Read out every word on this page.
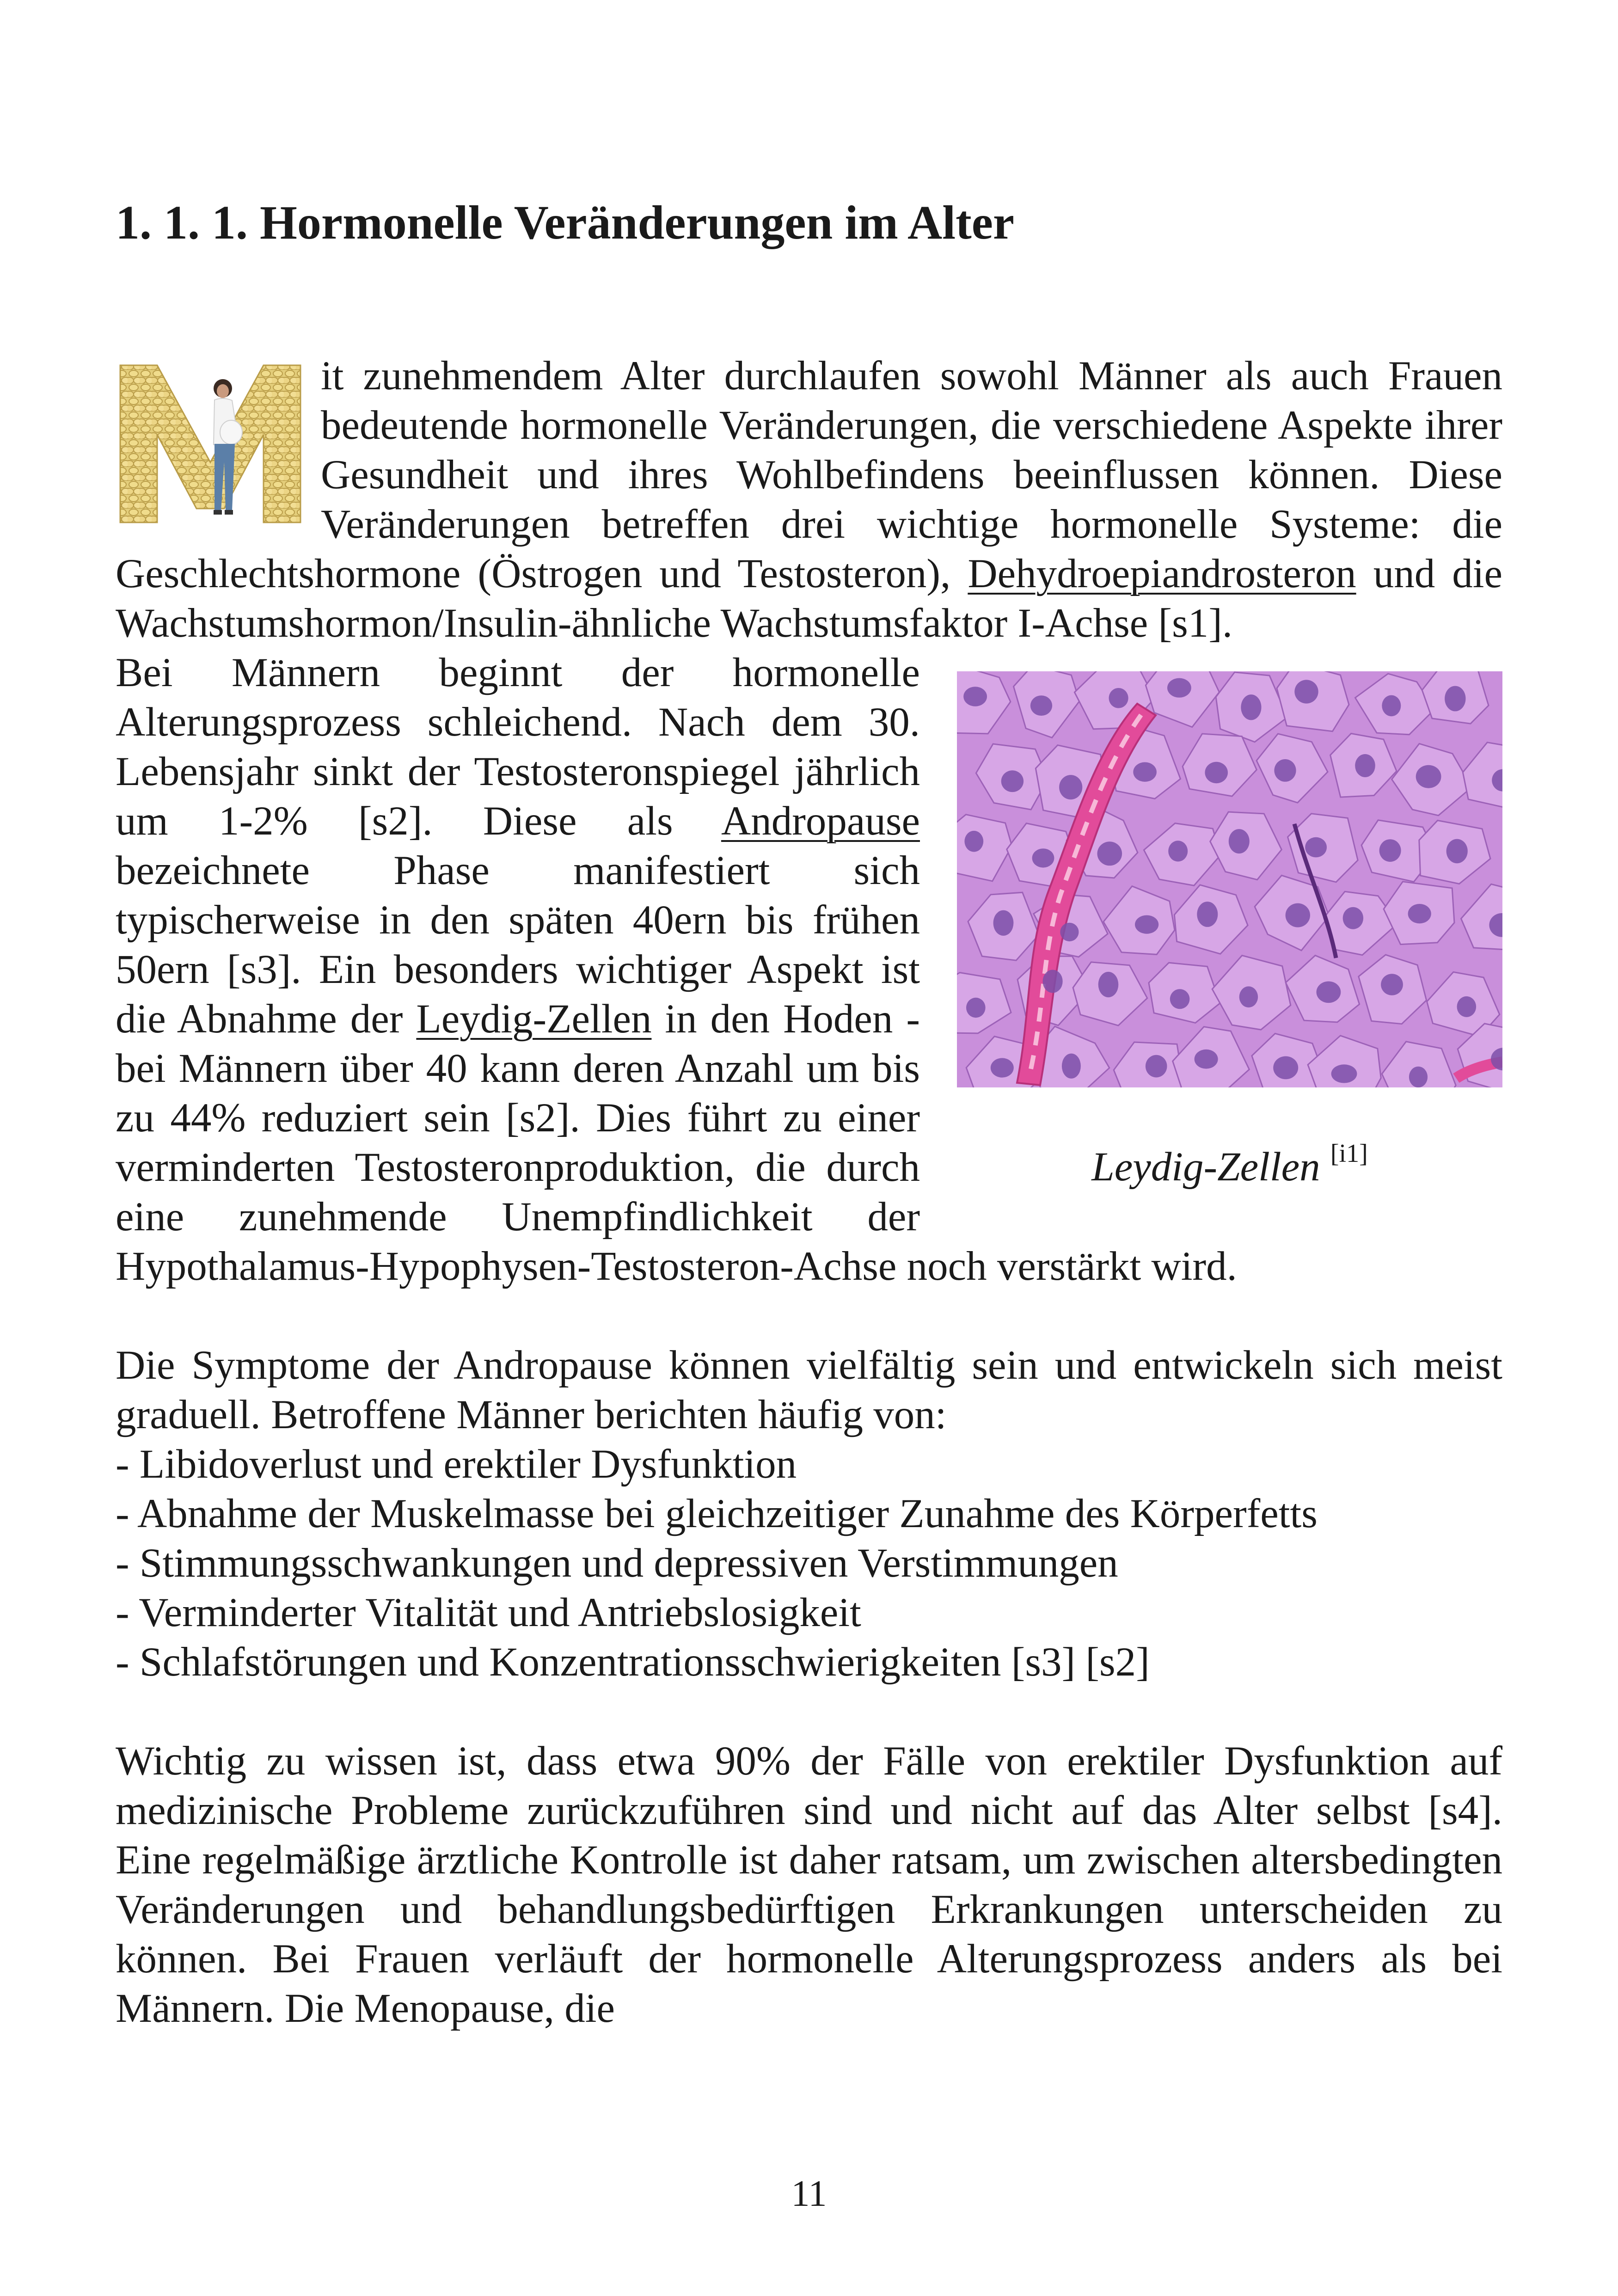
1. 1. 1. Hormonelle Veränderungen im Alter

it zunehmendem Alter durchlaufen sowohl Männer als auch Frauen bedeutende hormonelle Veränderungen, die verschiedene Aspekte ihrer Gesundheit und ihres Wohlbefindens beeinflussen können. Diese Veränderungen betreffen drei wichtige hormonelle Systeme: die Geschlechtshormone (Östrogen und Testosteron), Dehydroepiandrosteron und die Wachstumshormon/Insulin-ähnliche Wachstumsfaktor I-Achse [s1].

Leydig-Zellen [i1]

Bei Männern beginnt der hormonelle Alterungsprozess schleichend. Nach dem 30. Lebensjahr sinkt der Testosteronspiegel jährlich um 1-2% [s2]. Diese als Andropause bezeichnete Phase manifestiert sich typischerweise in den späten 40ern bis frühen 50ern [s3]. Ein besonders wichtiger Aspekt ist die Abnahme der Leydig-Zellen in den Hoden - bei Männern über 40 kann deren Anzahl um bis zu 44% reduziert sein [s2]. Dies führt zu einer verminderten Testosteronproduktion, die durch eine zunehmende Unempfindlichkeit der Hypothalamus-Hypophysen-Testosteron-Achse noch verstärkt wird.

Die Symptome der Andropause können vielfältig sein und entwickeln sich meist graduell. Betroffene Männer berichten häufig von:

- Libidoverlust und erektiler Dysfunktion

- Abnahme der Muskelmasse bei gleichzeitiger Zunahme des Körperfetts

- Stimmungsschwankungen und depressiven Verstimmungen

- Verminderter Vitalität und Antriebslosigkeit

- Schlafstörungen und Konzentrationsschwierigkeiten [s3] [s2]

Wichtig zu wissen ist, dass etwa 90% der Fälle von erektiler Dysfunktion auf medizinische Probleme zurückzuführen sind und nicht auf das Alter selbst [s4]. Eine regelmäßige ärztliche Kontrolle ist daher ratsam, um zwischen altersbedingten Veränderungen und behandlungsbedürftigen Erkrankungen unterscheiden zu können. Bei Frauen verläuft der hormonelle Alterungsprozess anders als bei Männern. Die Menopause, die

11
